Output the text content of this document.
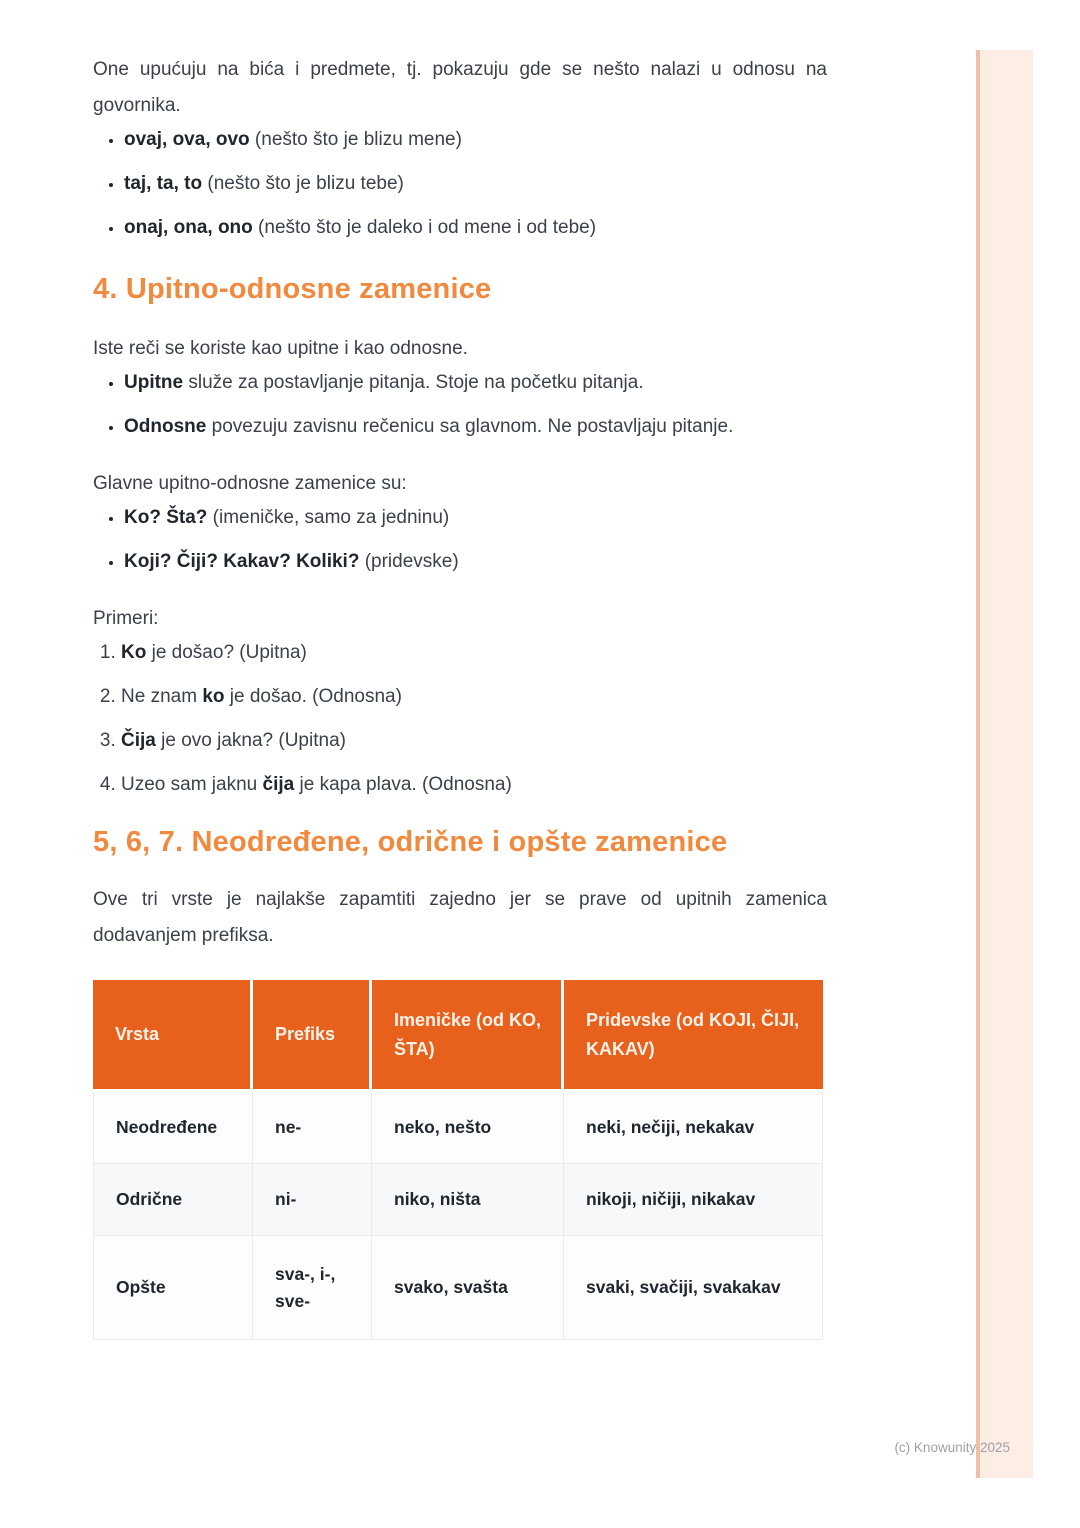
One upućuju na bića i predmete, tj. pokazuju gde se nešto nalazi u odnosu na govornika.

• ovaj, ova, ovo (nešto što je blizu mene)
• taj, ta, to (nešto što je blizu tebe)
• onaj, ona, ono (nešto što je daleko i od mene i od tebe)
4. Upitno-odnosne zamenice

Iste reči se koriste kao upitne i kao odnosne.

• Upitne služe za postavljanje pitanja. Stoje na početku pitanja.
• Odnosne povezuju zavisnu rečenicu sa glavnom. Ne postavljaju pitanje.

Glavne upitno-odnosne zamenice su:

• Ko? Šta? (imeničke, samo za jedninu)
• Koji? Čiji? Kakav? Koliki? (pridevske)

Primeri:

1. Ko je došao? (Upitna)
2. Ne znam ko je došao. (Odnosna)
3. Čija je ovo jakna? (Upitna)
4. Uzeo sam jaknu čija je kapa plava. (Odnosna)
5, 6, 7. Neodređene, odrične i opšte zamenice

Ove tri vrste je najlakše zapamtiti zajedno jer se prave od upitnih zamenica dodavanjem prefiksa.

Vrsta	Prefiks	Imeničke (od KO, ŠTA)	Pridevske (od KOJI, ČIJI, KAKAV)
Neodređene	ne-	neko, nešto	neki, nečiji, nekakav
Odrične	ni-	niko, ništa	nikoji, ničiji, nikakav
Opšte	sva-, i-, sve-	svako, svašta	svaki, svačiji, svakakav
(c) Knowunity 2025
